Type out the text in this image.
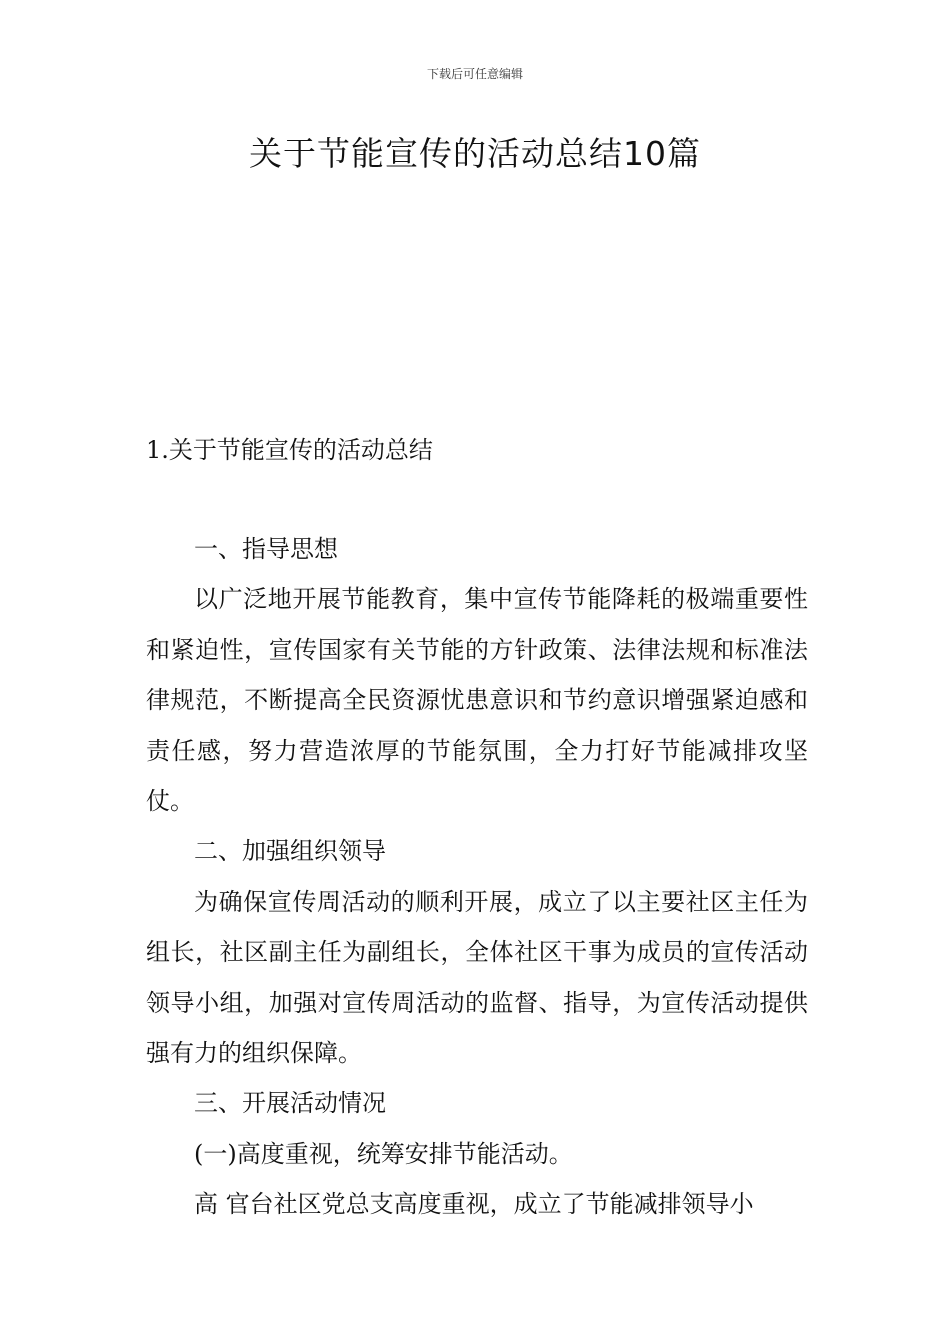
下载后可任意编辑
关于节能宣传的活动总结10篇
1.关于节能宣传的活动总结

一、指导思想

以广泛地开展节能教育，集中宣传节能降耗的极端重要性和紧迫性，宣传国家有关节能的方针政策、法律法规和标准法律规范，不断提高全民资源忧患意识和节约意识增强紧迫感和责任感，努力营造浓厚的节能氛围，全力打好节能减排攻坚仗。

二、加强组织领导

为确保宣传周活动的顺利开展，成立了以主要社区主任为组长，社区副主任为副组长，全体社区干事为成员的宣传活动领导小组，加强对宣传周活动的监督、指导，为宣传活动提供强有力的组织保障。

三、开展活动情况

(一)高度重视，统筹安排节能活动。

高 官台社区党总支高度重视，成立了节能减排领导小
